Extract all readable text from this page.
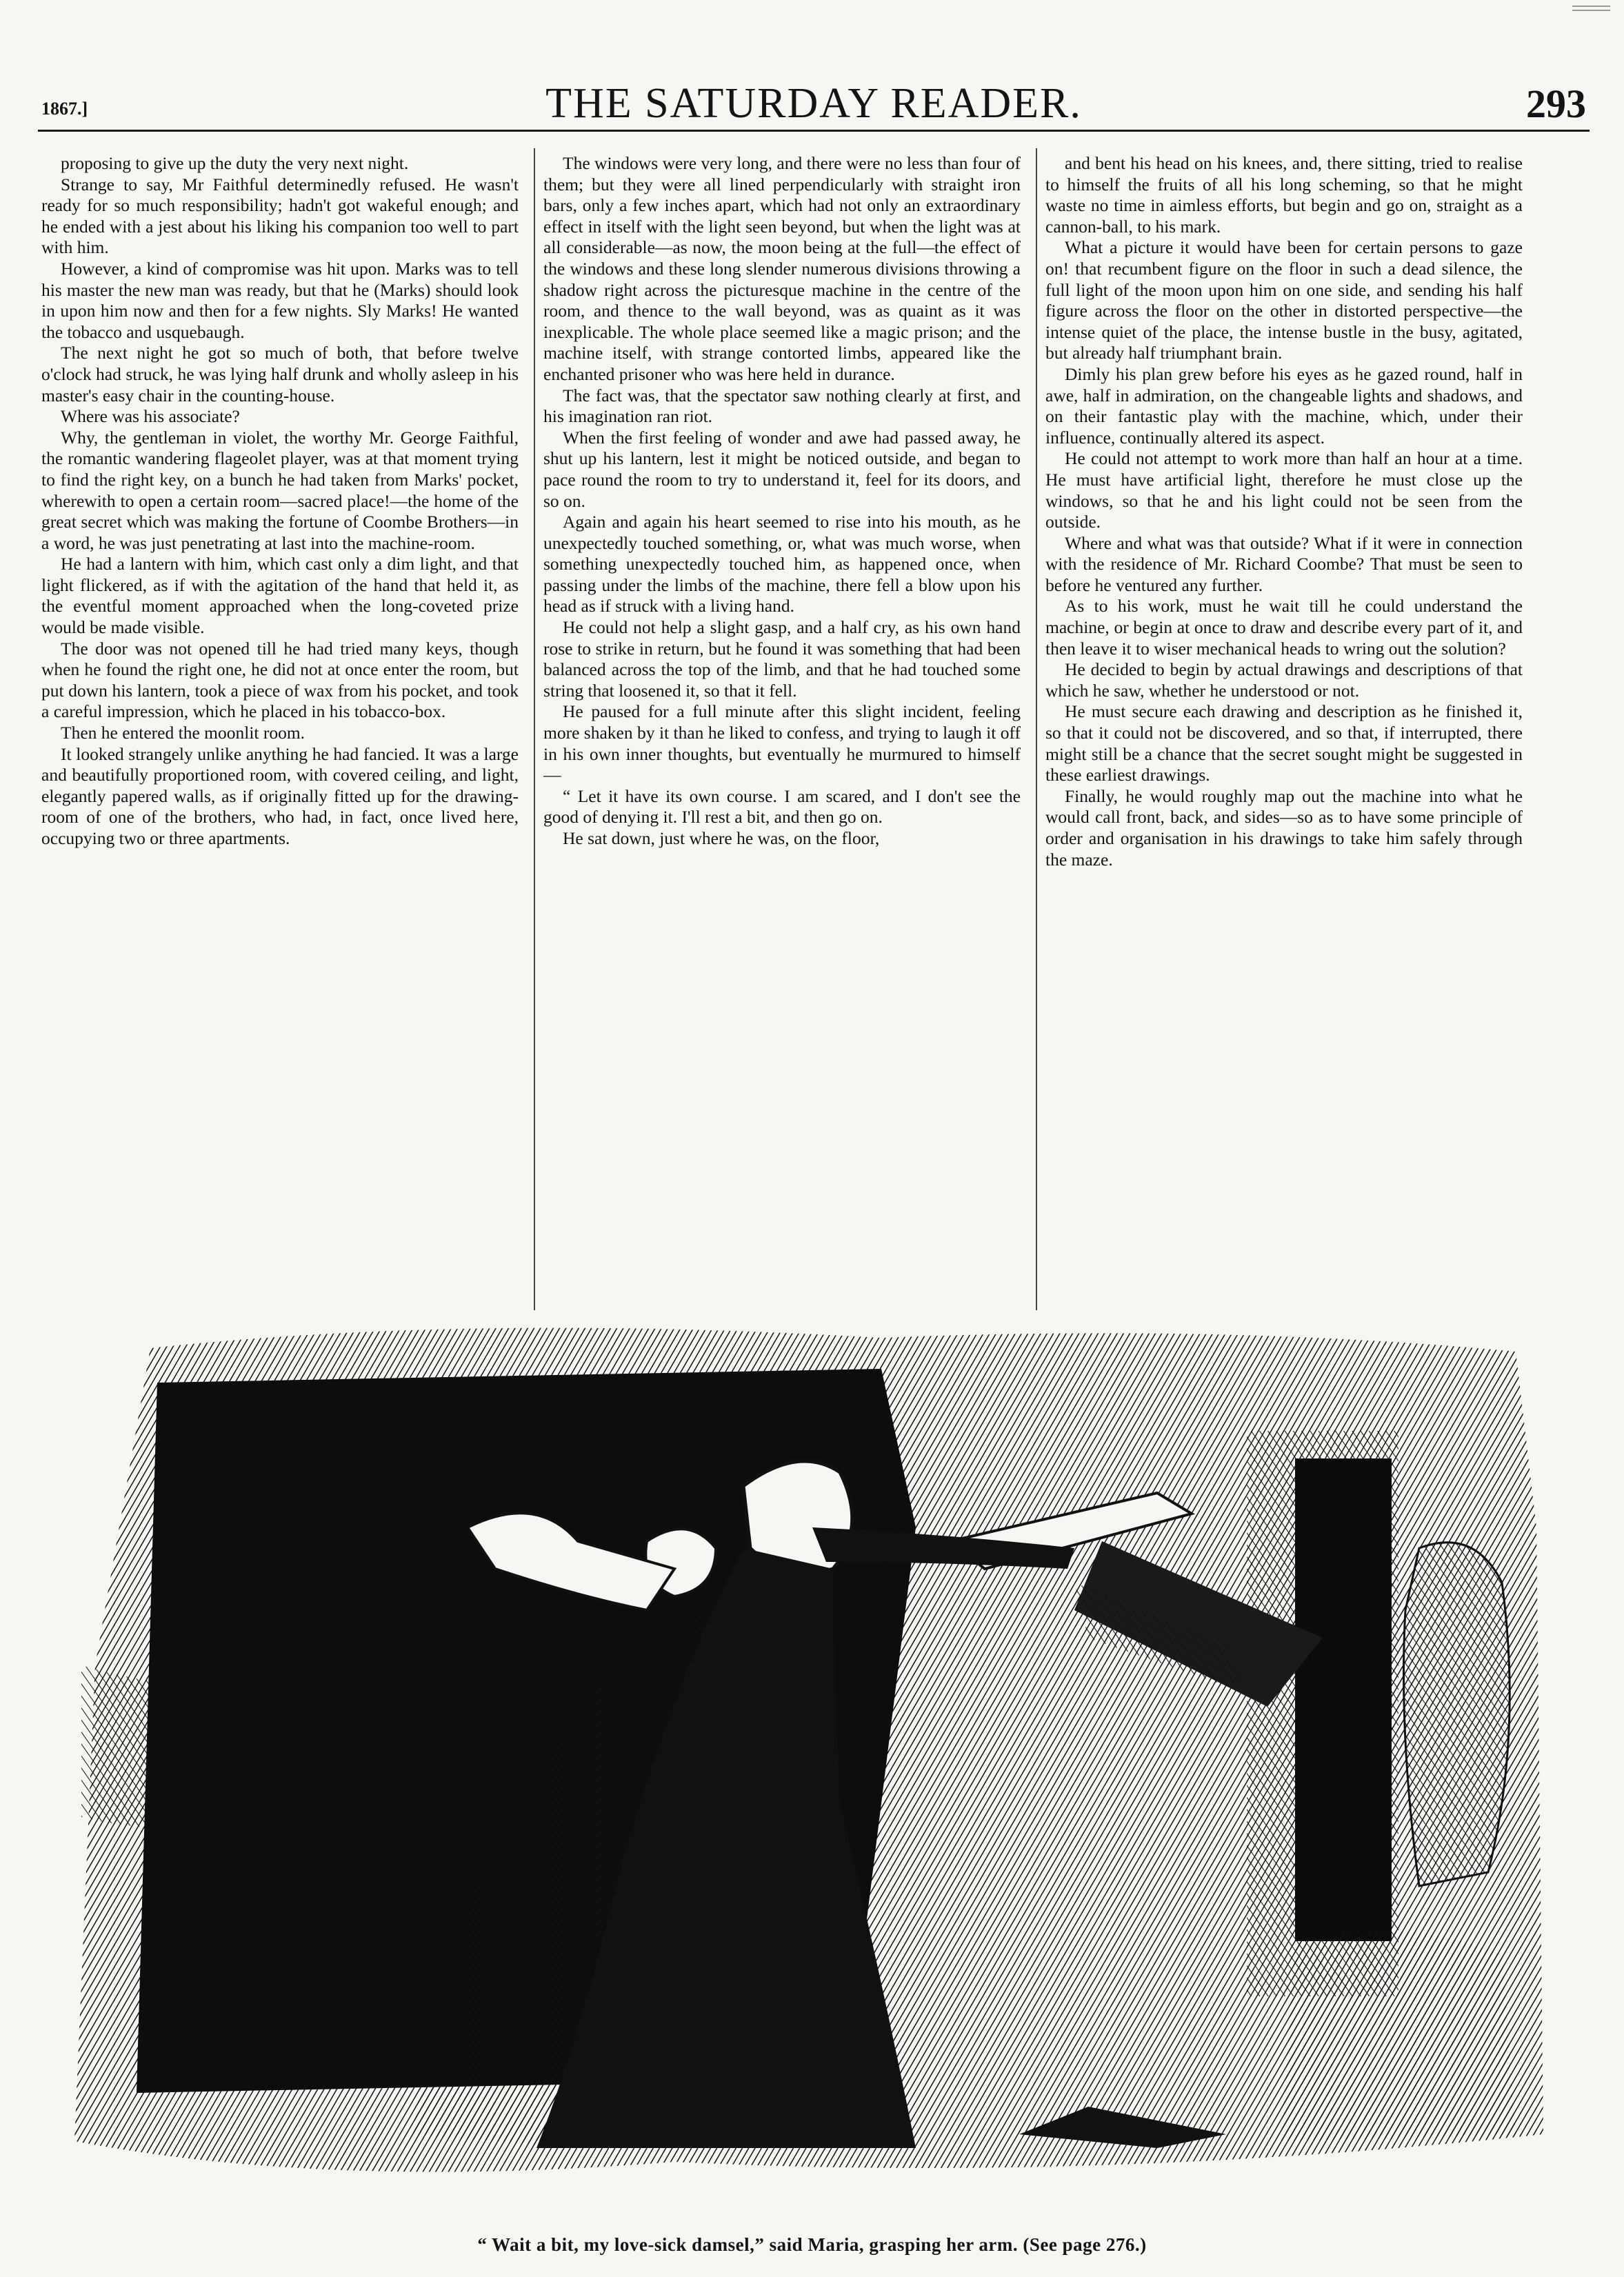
1867.]	THE SATURDAY READER.	293

proposing to give up the duty the very next night.

Strange to say, Mr Faithful determinedly refused. He wasn't ready for so much responsibility; hadn't got wakeful enough; and he ended with a jest about his liking his companion too well to part with him.

However, a kind of compromise was hit upon. Marks was to tell his master the new man was ready, but that he (Marks) should look in upon him now and then for a few nights. Sly Marks! He wanted the tobacco and usquebaugh.

The next night he got so much of both, that before twelve o'clock had struck, he was lying half drunk and wholly asleep in his master's easy chair in the counting-house.

Where was his associate?

Why, the gentleman in violet, the worthy Mr. George Faithful, the romantic wandering flageolet player, was at that moment trying to find the right key, on a bunch he had taken from Marks' pocket, wherewith to open a certain room—sacred place!—the home of the great secret which was making the fortune of Coombe Brothers—in a word, he was just penetrating at last into the machine-room.

He had a lantern with him, which cast only a dim light, and that light flickered, as if with the agitation of the hand that held it, as the eventful moment approached when the long-coveted prize would be made visible.

The door was not opened till he had tried many keys, though when he found the right one, he did not at once enter the room, but put down his lantern, took a piece of wax from his pocket, and took a careful impression, which he placed in his tobacco-box.

Then he entered the moonlit room.

It looked strangely unlike anything he had fancied. It was a large and beautifully proportioned room, with covered ceiling, and light, elegantly papered walls, as if originally fitted up for the drawing-room of one of the brothers, who had, in fact, once lived here, occupying two or three apartments.

The windows were very long, and there were no less than four of them; but they were all lined perpendicularly with straight iron bars, only a few inches apart, which had not only an extraordinary effect in itself with the light seen beyond, but when the light was at all considerable—as now, the moon being at the full—the effect of the windows and these long slender numerous divisions throwing a shadow right across the picturesque machine in the centre of the room, and thence to the wall beyond, was as quaint as it was inexplicable. The whole place seemed like a magic prison; and the machine itself, with strange contorted limbs, appeared like the enchanted prisoner who was here held in durance.

The fact was, that the spectator saw nothing clearly at first, and his imagination ran riot.

When the first feeling of wonder and awe had passed away, he shut up his lantern, lest it might be noticed outside, and began to pace round the room to try to understand it, feel for its doors, and so on.

Again and again his heart seemed to rise into his mouth, as he unexpectedly touched something, or, what was much worse, when something unexpectedly touched him, as happened once, when passing under the limbs of the machine, there fell a blow upon his head as if struck with a living hand.

He could not help a slight gasp, and a half cry, as his own hand rose to strike in return, but he found it was something that had been balanced across the top of the limb, and that he had touched some string that loosened it, so that it fell.

He paused for a full minute after this slight incident, feeling more shaken by it than he liked to confess, and trying to laugh it off in his own inner thoughts, but eventually he murmured to himself—

“ Let it have its own course. I am scared, and I don't see the good of denying it. I'll rest a bit, and then go on.

He sat down, just where he was, on the floor,

and bent his head on his knees, and, there sitting, tried to realise to himself the fruits of all his long scheming, so that he might waste no time in aimless efforts, but begin and go on, straight as a cannon-ball, to his mark.

What a picture it would have been for certain persons to gaze on! that recumbent figure on the floor in such a dead silence, the full light of the moon upon him on one side, and sending his half figure across the floor on the other in distorted perspective—the intense quiet of the place, the intense bustle in the busy, agitated, but already half triumphant brain.

Dimly his plan grew before his eyes as he gazed round, half in awe, half in admiration, on the changeable lights and shadows, and on their fantastic play with the machine, which, under their influence, continually altered its aspect.

He could not attempt to work more than half an hour at a time. He must have artificial light, therefore he must close up the windows, so that he and his light could not be seen from the outside.

Where and what was that outside? What if it were in connection with the residence of Mr. Richard Coombe? That must be seen to before he ventured any further.

As to his work, must he wait till he could understand the machine, or begin at once to draw and describe every part of it, and then leave it to wiser mechanical heads to wring out the solution?

He decided to begin by actual drawings and descriptions of that which he saw, whether he understood or not.

He must secure each drawing and description as he finished it, so that it could not be discovered, and so that, if interrupted, there might still be a chance that the secret sought might be suggested in these earliest drawings.

Finally, he would roughly map out the machine into what he would call front, back, and sides—so as to have some principle of order and organisation in his drawings to take him safely through the maze.

“ Wait a bit, my love-sick damsel,” said Maria, grasping her arm. (See page 276.)
